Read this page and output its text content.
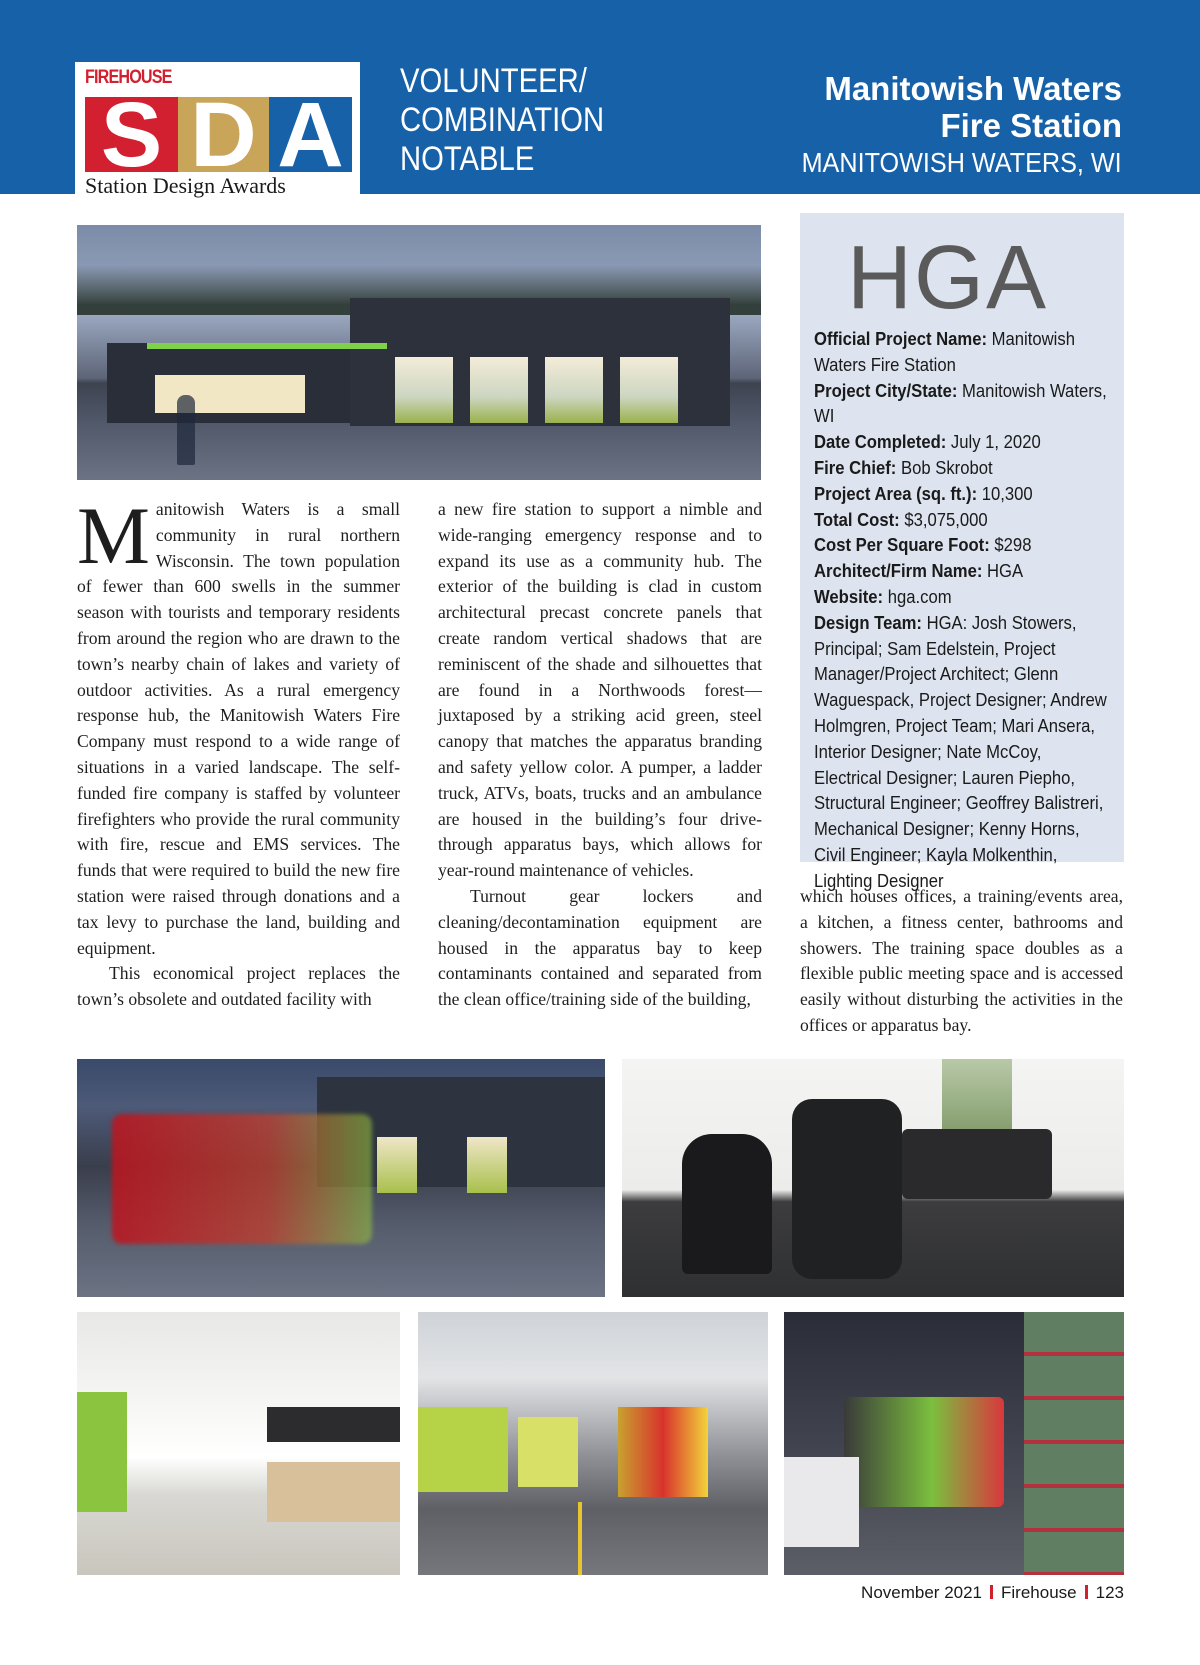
FIREHOUSE
S D A
Station Design Awards
VOLUNTEER/
COMBINATION
NOTABLE
Manitowish Waters
Fire Station
MANITOWISH WATERS, WI
HGA

Official Project Name: Manitowish Waters Fire Station

Project City/State: Manitowish Waters, WI

Date Completed: July 1, 2020

Fire Chief: Bob Skrobot

Project Area (sq. ft.): 10,300

Total Cost: $3,075,000

Cost Per Square Foot: $298

Architect/Firm Name: HGA

Website: hga.com

Design Team: HGA: Josh Stowers, Principal; Sam Edelstein, Project Manager/Project Architect; Glenn Waguespack, Project Designer; Andrew Holmgren, Project Team; Mari Ansera, Interior Designer; Nate McCoy, Electrical Designer; Lauren Piepho, Structural Engineer; Geoffrey Balistreri, Mechanical Designer; Kenny Horns, Civil Engineer; Kayla Molkenthin, Lighting Designer

Manitowish Waters is a small community in rural northern Wisconsin. The town population of fewer than 600 swells in the summer season with tourists and temporary residents from around the region who are drawn to the town’s nearby chain of lakes and variety of outdoor activities. As a rural emergency response hub, the Manitowish Waters Fire Company must respond to a wide range of situations in a varied landscape. The self-funded fire company is staffed by volunteer firefighters who provide the rural community with fire, rescue and EMS services. The funds that were required to build the new fire station were raised through donations and a tax levy to purchase the land, building and equipment.

This economical project replaces the town’s obsolete and outdated facility with

a new fire station to support a nimble and wide-ranging emergency response and to expand its use as a community hub. The exterior of the building is clad in custom architectural precast concrete panels that create random vertical shadows that are reminiscent of the shade and silhouettes that are found in a Northwoods forest—juxtaposed by a striking acid green, steel canopy that matches the apparatus branding and safety yellow color. A pumper, a ladder truck, ATVs, boats, trucks and an ambulance are housed in the building’s four drive-through apparatus bays, which allows for year-round maintenance of vehicles.

Turnout gear lockers and cleaning/decontamination equipment are housed in the apparatus bay to keep contaminants contained and separated from the clean office/training side of the building,

which houses offices, a training/events area, a kitchen, a fitness center, bathrooms and showers. The training space doubles as a flexible public meeting space and is accessed easily without disturbing the activities in the offices or apparatus bay.

November 2021 Firehouse 123
